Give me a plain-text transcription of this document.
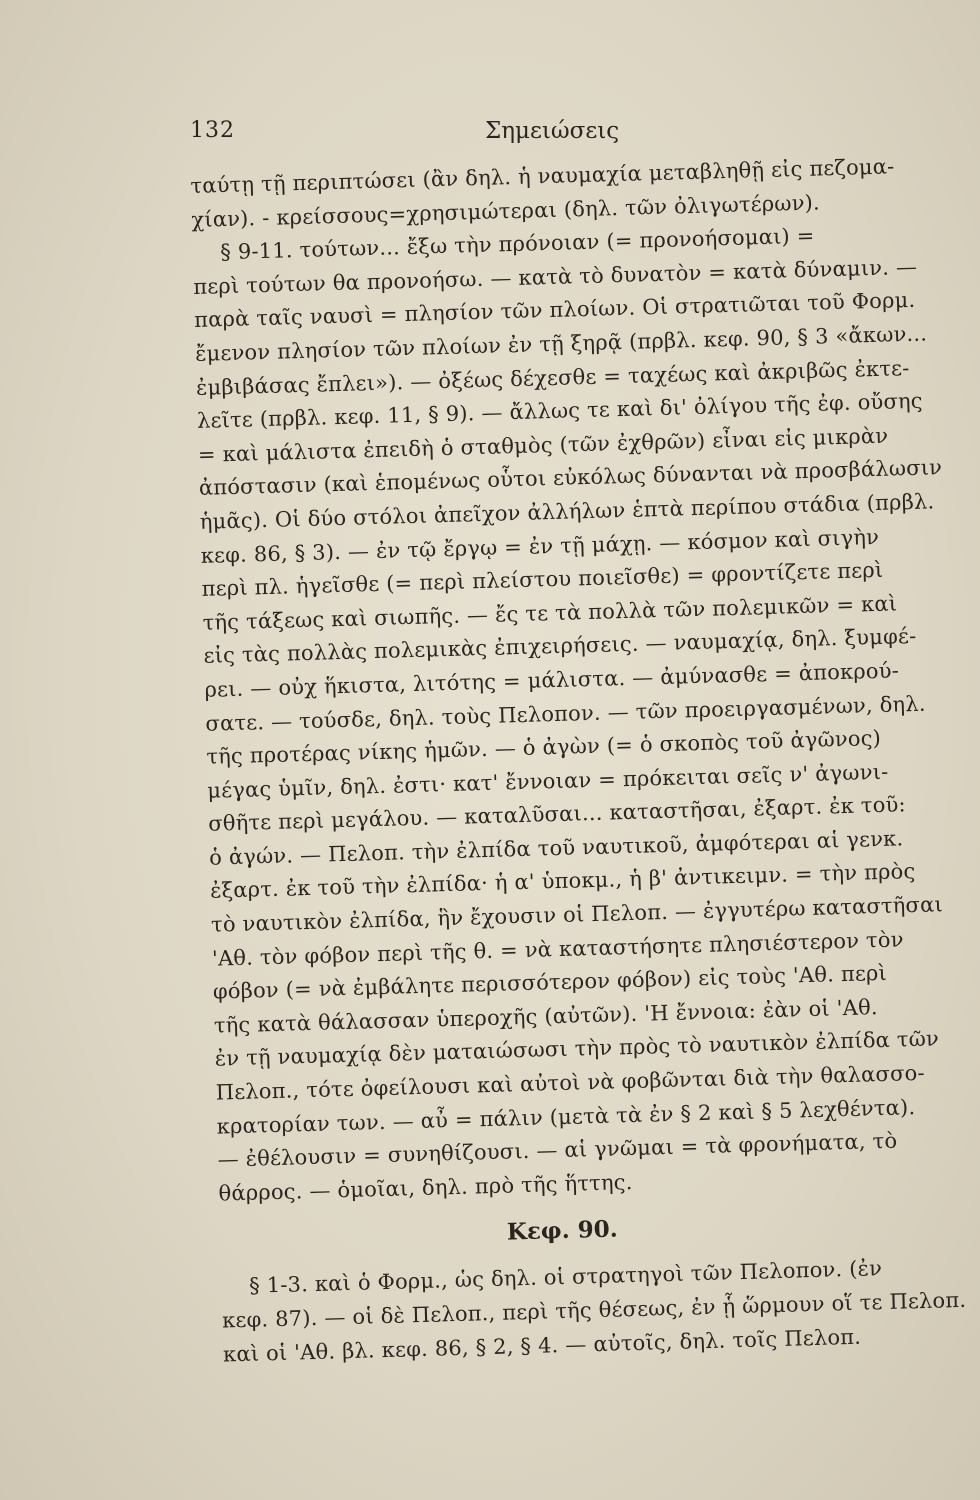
132	Σημειώσεις
ταύτῃ τῇ περιπτώσει (ἂν δηλ. ἡ ναυμαχία μεταβληθῇ εἰς πεζομα-
χίαν). - κρείσσους=χρησιμώτεραι (δηλ. τῶν ὀλιγωτέρων).
§ 9-11. τούτων... ἔξω τὴν πρόνοιαν (= προνοήσομαι) =
περὶ τούτων θα προνοήσω. — κατὰ τὸ δυνατὸν = κατὰ δύναμιν. —
παρὰ ταῖς ναυσὶ = πλησίον τῶν πλοίων. Οἱ στρατιῶται τοῦ Φορμ.
ἔμενον πλησίον τῶν πλοίων ἐν τῇ ξηρᾷ (πρβλ. κεφ. 90, § 3 «ἄκων...
ἐμβιβάσας ἔπλει»). — ὀξέως δέχεσθε = ταχέως καὶ ἀκριβῶς ἐκτε-
λεῖτε (πρβλ. κεφ. 11, § 9). — ἄλλως τε καὶ δι' ὀλίγου τῆς ἐφ. οὔσης
= καὶ μάλιστα ἐπειδὴ ὁ σταθμὸς (τῶν ἐχθρῶν) εἶναι εἰς μικρὰν
ἀπόστασιν (καὶ ἑπομένως οὗτοι εὐκόλως δύνανται νὰ προσβάλωσιν
ἡμᾶς). Οἱ δύο στόλοι ἀπεῖχον ἀλλήλων ἑπτὰ περίπου στάδια (πρβλ.
κεφ. 86, § 3). — ἐν τῷ ἔργῳ = ἐν τῇ μάχῃ. — κόσμον καὶ σιγὴν
περὶ πλ. ἡγεῖσθε (= περὶ πλείστου ποιεῖσθε) = φροντίζετε περὶ
τῆς τάξεως καὶ σιωπῆς. — ἔς τε τὰ πολλὰ τῶν πολεμικῶν = καὶ
εἰς τὰς πολλὰς πολεμικὰς ἐπιχειρήσεις. — ναυμαχίᾳ, δηλ. ξυμφέ-
ρει. — οὐχ ἥκιστα, λιτότης = μάλιστα. — ἀμύνασθε = ἀποκρού-
σατε. — τούσδε, δηλ. τοὺς Πελοπον. — τῶν προειργασμένων, δηλ.
τῆς προτέρας νίκης ἡμῶν. — ὁ ἀγὼν (= ὁ σκοπὸς τοῦ ἀγῶνος)
μέγας ὑμῖν, δηλ. ἐστι· κατ' ἔννοιαν = πρόκειται σεῖς ν' ἀγωνι-
σθῆτε περὶ μεγάλου. — καταλῦσαι... καταστῆσαι, ἐξαρτ. ἐκ τοῦ:
ὁ ἀγών. — Πελοπ. τὴν ἐλπίδα τοῦ ναυτικοῦ, ἀμφότεραι αἱ γενκ.
ἐξαρτ. ἐκ τοῦ τὴν ἐλπίδα· ἡ α' ὑποκμ., ἡ β' ἀντικειμν. = τὴν πρὸς
τὸ ναυτικὸν ἐλπίδα, ἣν ἔχουσιν οἱ Πελοπ. — ἐγγυτέρω καταστῆσαι
'Αθ. τὸν φόβον περὶ τῆς θ. = νὰ καταστήσητε πλησιέστερον τὸν
φόβον (= νὰ ἐμβάλητε περισσότερον φόβον) εἰς τοὺς 'Αθ. περὶ
τῆς κατὰ θάλασσαν ὑπεροχῆς (αὐτῶν). 'Η ἔννοια: ἐὰν οἱ 'Αθ.
ἐν τῇ ναυμαχίᾳ δὲν ματαιώσωσι τὴν πρὸς τὸ ναυτικὸν ἐλπίδα τῶν
Πελοπ., τότε ὀφείλουσι καὶ αὐτοὶ νὰ φοβῶνται διὰ τὴν θαλασσο-
κρατορίαν των. — αὖ = πάλιν (μετὰ τὰ ἐν § 2 καὶ § 5 λεχθέντα).
— ἐθέλουσιν = συνηθίζουσι. — αἱ γνῶμαι = τὰ φρονήματα, τὸ
θάρρος. — ὁμοῖαι, δηλ. πρὸ τῆς ἥττης.
Κεφ. 90.
§ 1-3. καὶ ὁ Φορμ., ὡς δηλ. οἱ στρατηγοὶ τῶν Πελοπον. (ἐν
κεφ. 87). — οἱ δὲ Πελοπ., περὶ τῆς θέσεως, ἐν ᾗ ὥρμουν οἵ τε Πελοπ.
καὶ οἱ 'Αθ. βλ. κεφ. 86, § 2, § 4. — αὐτοῖς, δηλ. τοῖς Πελοπ.
